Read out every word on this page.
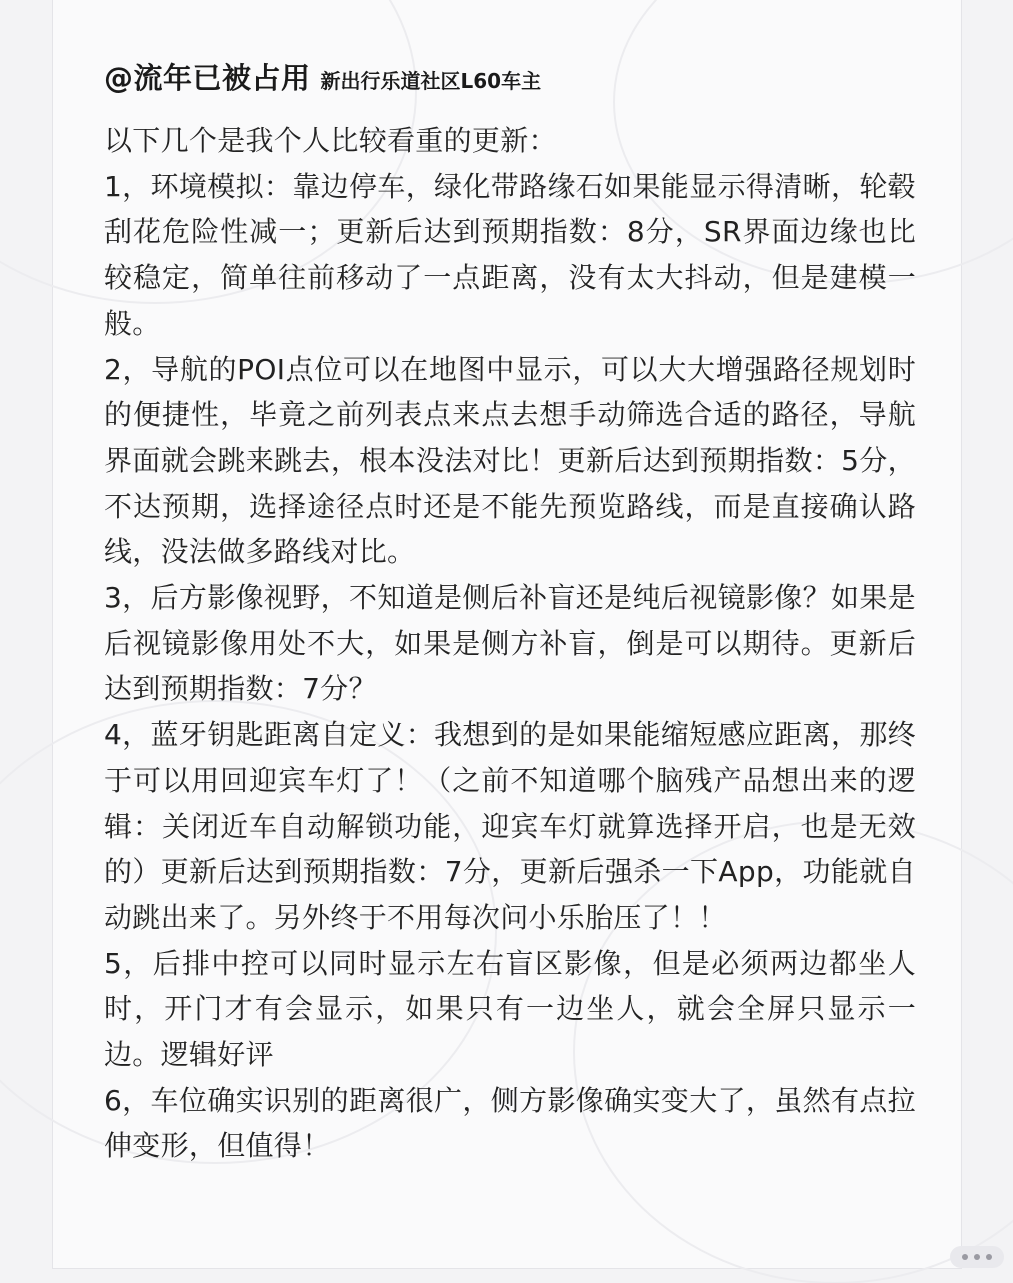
@流年已被占用 新出行乐道社区L60车主

以下几个是我个人比较看重的更新：

1，环境模拟：靠边停车，绿化带路缘石如果能显示得清晰，轮毂刮花危险性减一；更新后达到预期指数：8分，SR界面边缘也比较稳定，简单往前移动了一点距离，没有太大抖动，但是建模一般。

2，导航的POI点位可以在地图中显示，可以大大增强路径规划时的便捷性，毕竟之前列表点来点去想手动筛选合适的路径，导航界面就会跳来跳去，根本没法对比！更新后达到预期指数：5分，不达预期，选择途径点时还是不能先预览路线，而是直接确认路线，没法做多路线对比。

3，后方影像视野，不知道是侧后补盲还是纯后视镜影像？如果是后视镜影像用处不大，如果是侧方补盲，倒是可以期待。更新后达到预期指数：7分？

4，蓝牙钥匙距离自定义：我想到的是如果能缩短感应距离，那终于可以用回迎宾车灯了！（之前不知道哪个脑残产品想出来的逻辑：关闭近车自动解锁功能，迎宾车灯就算选择开启，也是无效的）更新后达到预期指数：7分，更新后强杀一下App，功能就自动跳出来了。另外终于不用每次问小乐胎压了！！

5，后排中控可以同时显示左右盲区影像，但是必须两边都坐人时，开门才有会显示，如果只有一边坐人，就会全屏只显示一边。逻辑好评

6，车位确实识别的距离很广，侧方影像确实变大了，虽然有点拉伸变形，但值得！
